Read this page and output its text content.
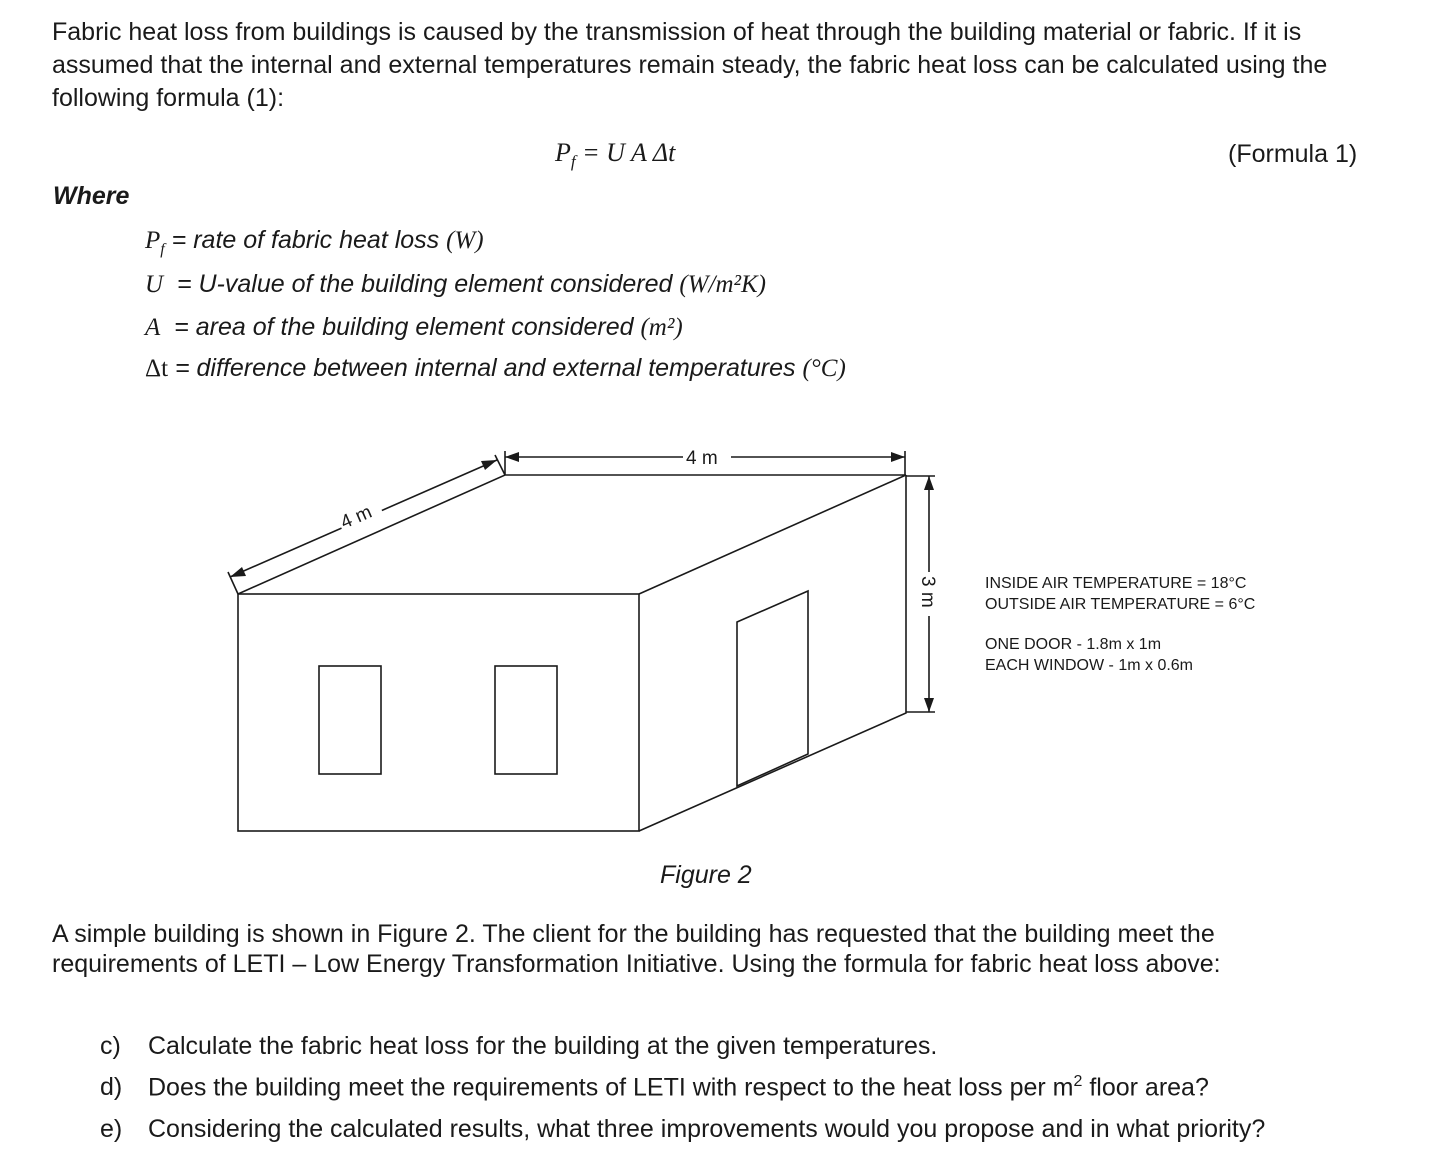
Fabric heat loss from buildings is caused by the transmission of heat through the building material or fabric. If it is assumed that the internal and external temperatures remain steady, the fabric heat loss can be calculated using the following formula (1):

$P_f = U$ A Δt	(Formula 1)
Where
$P_f$ = rate of fabric heat loss (W)
U  = U-value of the building element considered (W/m²K)
A  = area of the building element considered (m²)
Δt = difference between internal and external temperatures (°C)
4 m
4 m
3 m	INSIDE AIR TEMPERATURE = 18°C
OUTSIDE AIR TEMPERATURE = 6°C
ONE DOOR - 1.8m x 1m
EACH WINDOW - 1m x 0.6m
Figure 2

A simple building is shown in Figure 2. The client for the building has requested that the building meet the requirements of LETI – Low Energy Transformation Initiative. Using the formula for fabric heat loss above:

c) Calculate the fabric heat loss for the building at the given temperatures.
d) Does the building meet the requirements of LETI with respect to the heat loss per $m^2$ floor area?
e) Considering the calculated results, what three improvements would you propose and in what priority?
